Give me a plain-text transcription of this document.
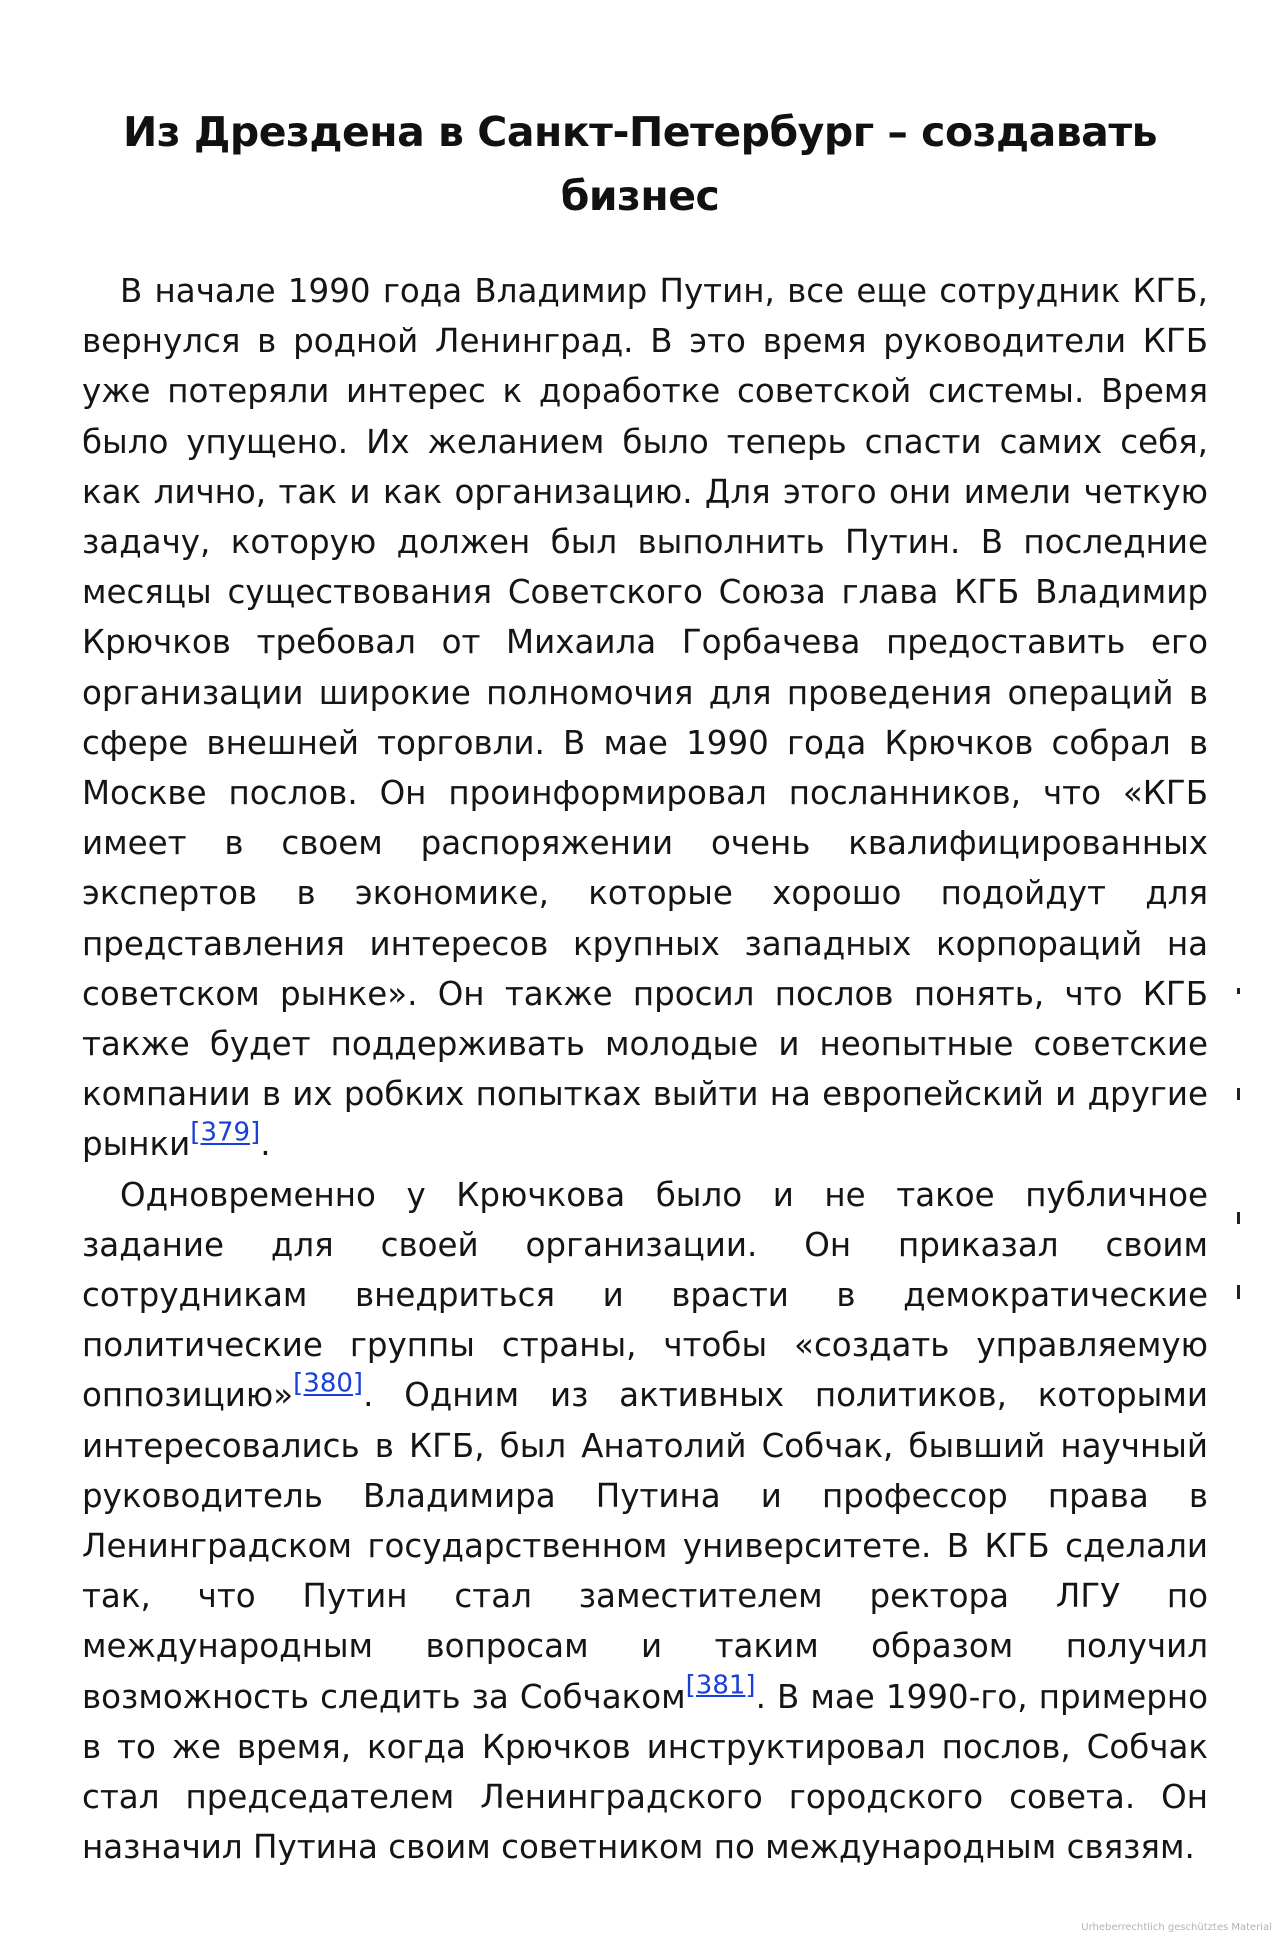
Из Дрездена в Санкт-Петербург – создавать бизнес

В начале 1990 года Владимир Путин, все еще сотрудник КГБ, вернулся в родной Ленинград. В это время руководители КГБ уже потеряли интерес к доработке советской системы. Время было упущено. Их желанием было теперь спасти самих себя, как лично, так и как организацию. Для этого они имели четкую задачу, которую должен был выполнить Путин. В последние месяцы существования Советского Союза глава КГБ Владимир Крючков требовал от Михаила Горбачева предоставить его организации широкие полномочия для проведения операций в сфере внешней торговли. В мае 1990 года Крючков собрал в Москве послов. Он проинформировал посланников, что «КГБ имеет в своем распоряжении очень квалифицированных экспертов в экономике, которые хорошо подойдут для представления интересов крупных западных корпораций на советском рынке». Он также просил послов понять, что КГБ также будет поддерживать молодые и неопытные советские компании в их робких попытках выйти на европейский и другие рынки[379].

Одновременно у Крючкова было и не такое публичное задание для своей организации. Он приказал своим сотрудникам внедриться и врасти в демократические политические группы страны, чтобы «создать управляемую оппозицию»[380]. Одним из активных политиков, которыми интересовались в КГБ, был Анатолий Собчак, бывший научный руководитель Владимира Путина и профессор права в Ленинградском государственном университете. В КГБ сделали так, что Путин стал заместителем ректора ЛГУ по международным вопросам и таким образом получил возможность следить за Собчаком[381]. В мае 1990-го, примерно в то же время, когда Крючков инструктировал послов, Собчак стал председателем Ленинградского городского совета. Он назначил Путина своим советником по международным связям.

Urheberrechtlich geschütztes Material
